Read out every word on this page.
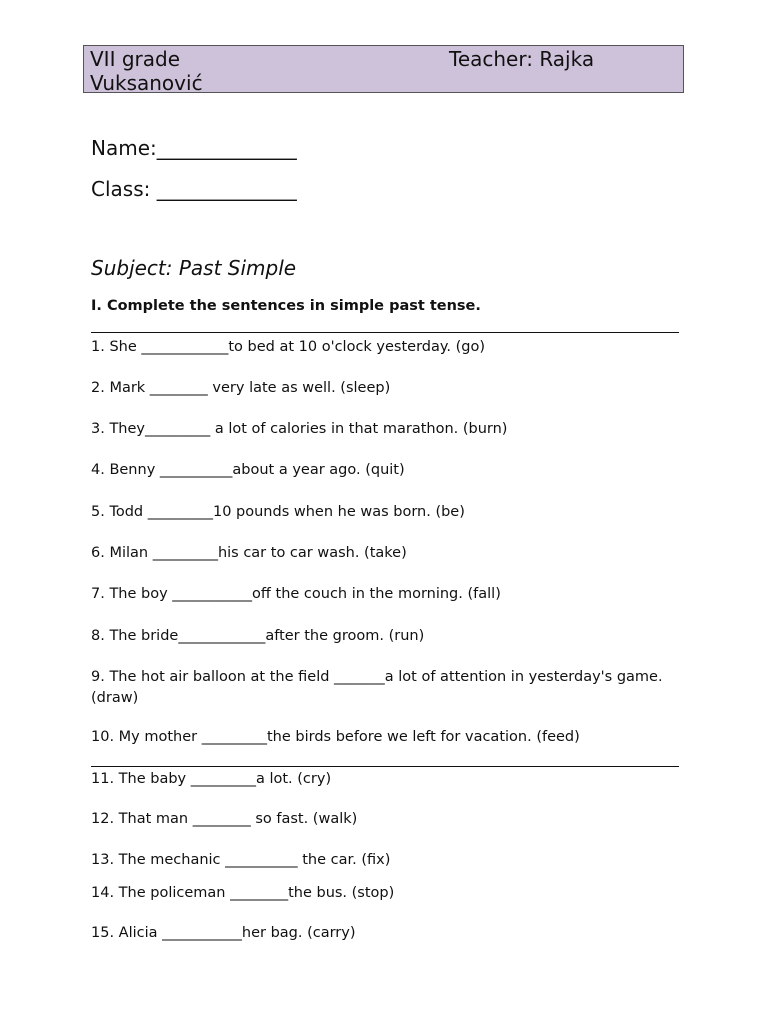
VII grade	Teacher: Rajka
Vuksanović
Name:______________
Class: ______________
Subject: Past Simple
I. Complete the sentences in simple past tense.
1. She ____________to bed at 10 o'clock yesterday. (go)
2. Mark ________ very late as well. (sleep)
3. They_________ a lot of calories in that marathon. (burn)
4. Benny __________about a year ago. (quit)
5. Todd _________10 pounds when he was born. (be)
6. Milan _________his car to car wash. (take)
7. The boy ___________off the couch in the morning. (fall)
8. The bride____________after the groom. (run)
9. The hot air balloon at the field _______a lot of attention in yesterday's game. (draw)
10. My mother _________the birds before we left for vacation. (feed)
11. The baby _________a lot. (cry)
12. That man ________ so fast. (walk)
13. The mechanic __________ the car. (fix)
14. The policeman ________the bus. (stop)
15. Alicia ___________her bag. (carry)
